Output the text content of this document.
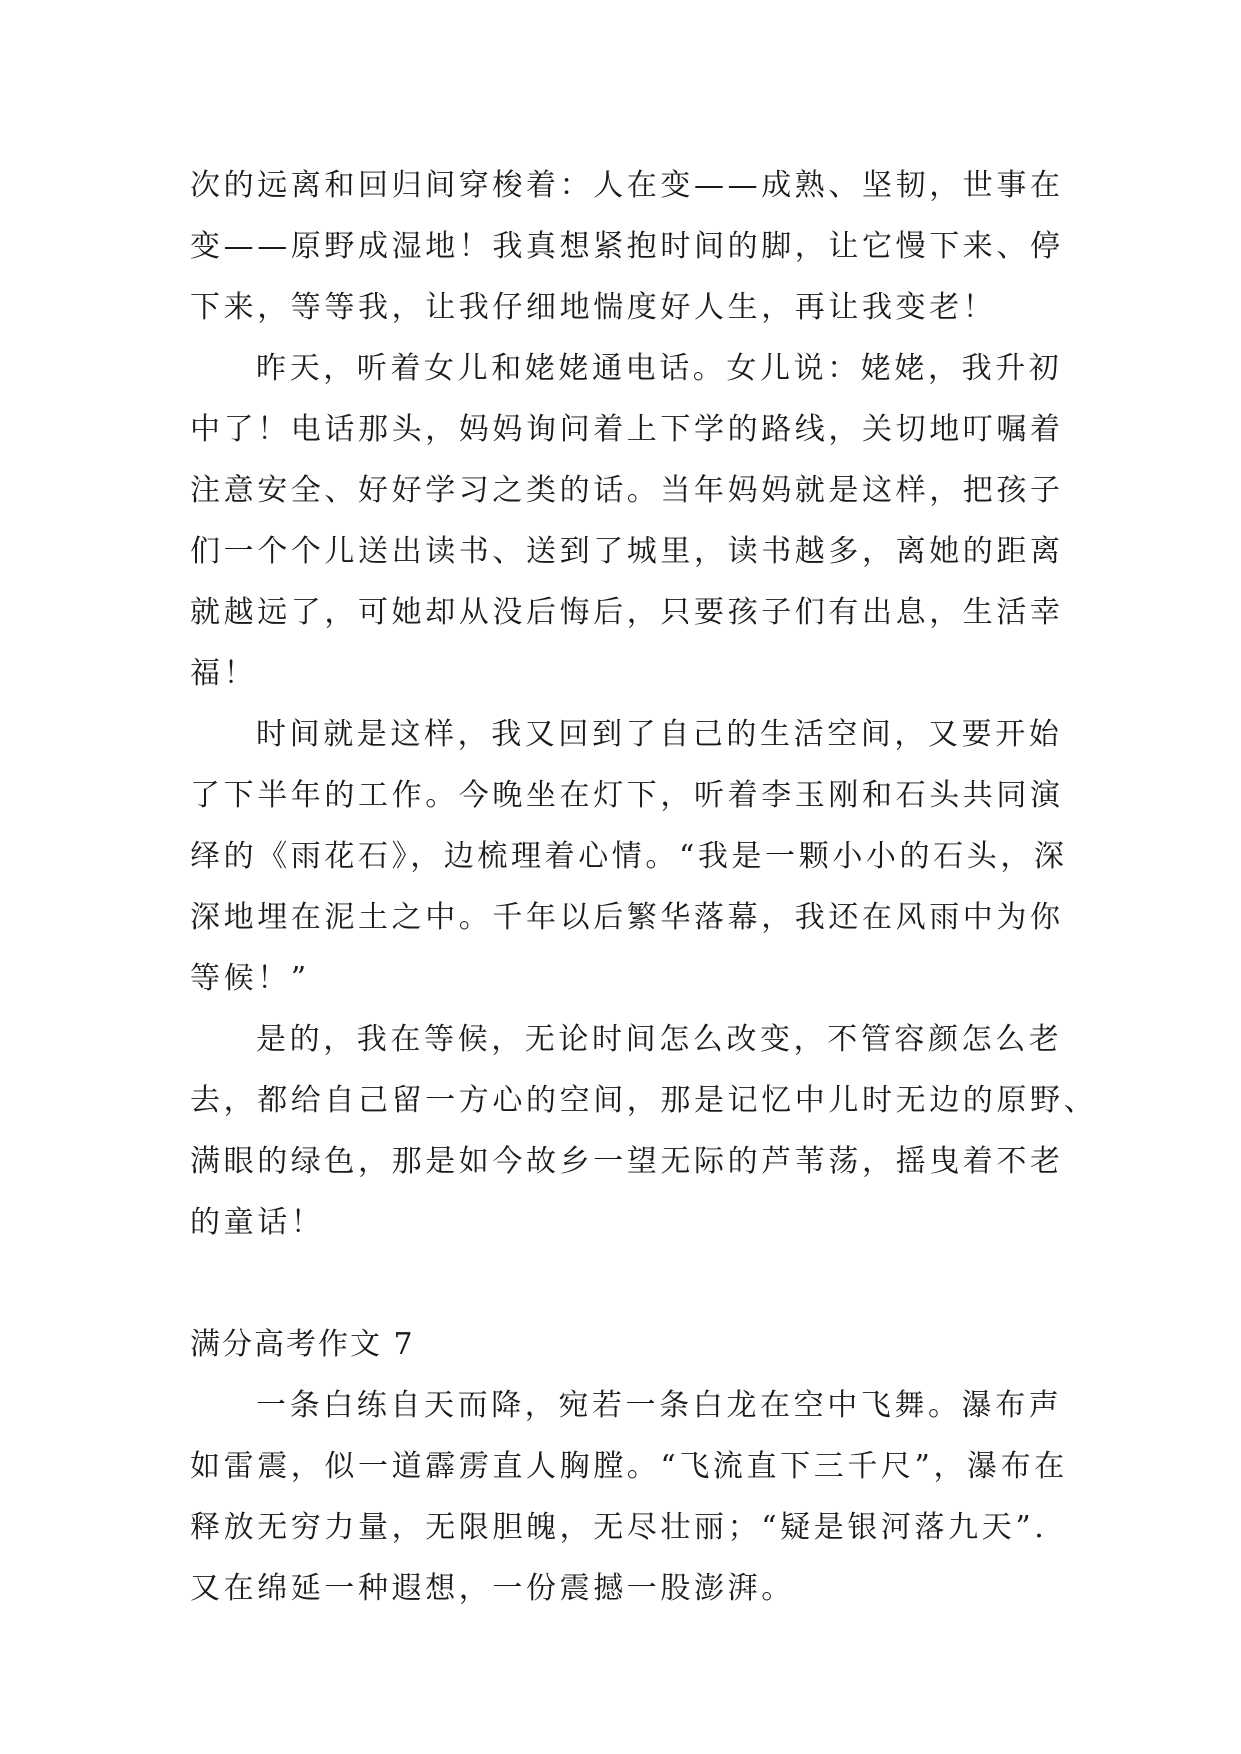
次的远离和回归间穿梭着：人在变——成熟、坚韧，世事在
变——原野成湿地！我真想紧抱时间的脚，让它慢下来、停
下来，等等我，让我仔细地惴度好人生，再让我变老！
昨天，听着女儿和姥姥通电话。女儿说：姥姥，我升初
中了！电话那头，妈妈询问着上下学的路线，关切地叮嘱着
注意安全、好好学习之类的话。当年妈妈就是这样，把孩子
们一个个儿送出读书、送到了城里，读书越多，离她的距离
就越远了，可她却从没后悔后，只要孩子们有出息，生活幸
福！
时间就是这样，我又回到了自己的生活空间，又要开始
了下半年的工作。今晚坐在灯下，听着李玉刚和石头共同演
绎的《雨花石》，边梳理着心情。“我是一颗小小的石头，深
深地埋在泥土之中。千年以后繁华落幕，我还在风雨中为你
等候！”
是的，我在等候，无论时间怎么改变，不管容颜怎么老
去，都给自己留一方心的空间，那是记忆中儿时无边的原野、
满眼的绿色，那是如今故乡一望无际的芦苇荡，摇曳着不老
的童话！
满分高考作文 7
一条白练自天而降，宛若一条白龙在空中飞舞。瀑布声
如雷震，似一道霹雳直人胸膛。“飞流直下三千尺”，瀑布在
释放无穷力量，无限胆魄，无尽壮丽；“疑是银河落九天”.
又在绵延一种遐想，一份震撼一股澎湃。
